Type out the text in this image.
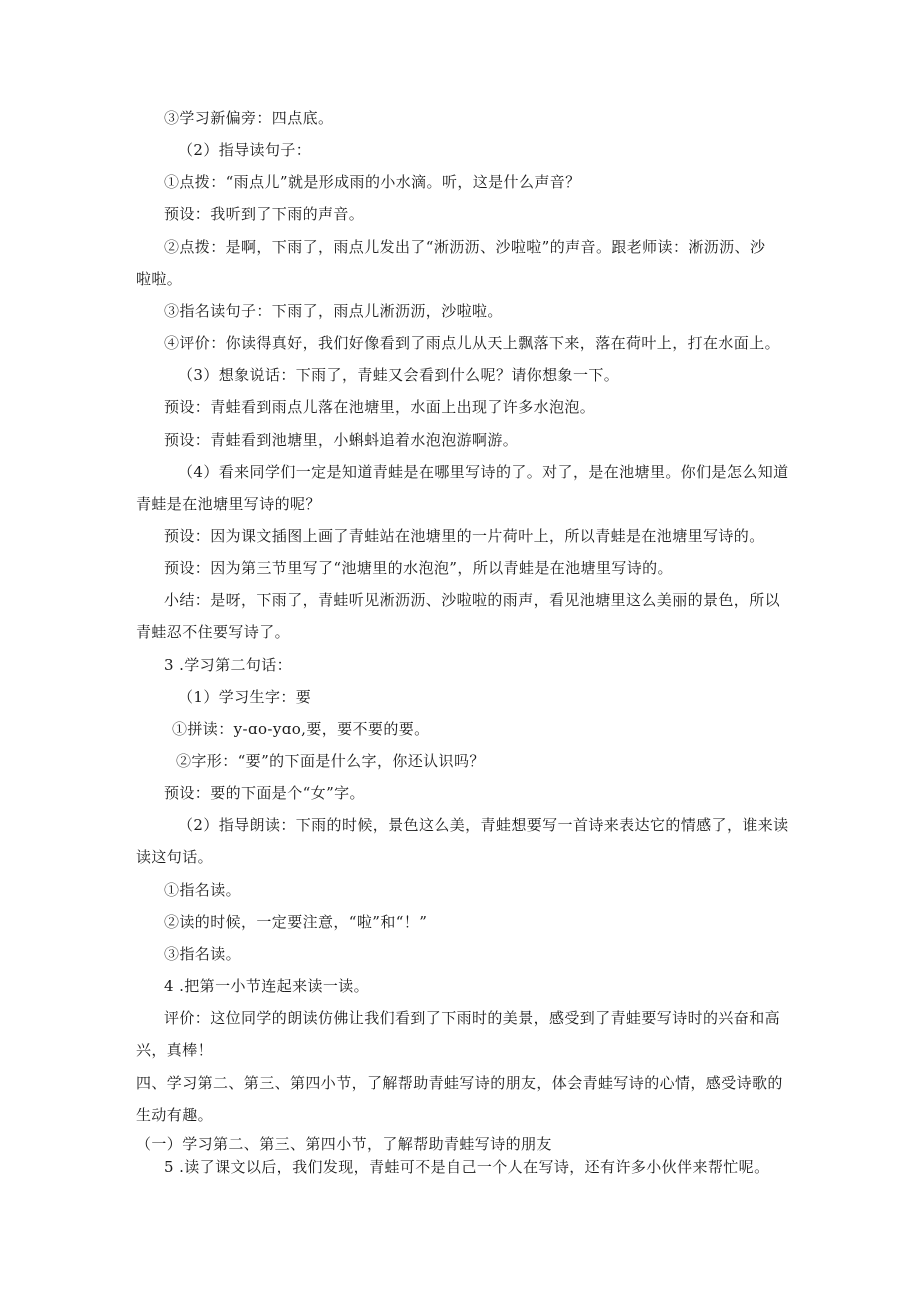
③学习新偏旁：四点底。
（2）指导读句子：
①点拨：“雨点儿”就是形成雨的小水滴。听，这是什么声音？
预设：我听到了下雨的声音。
②点拨：是啊，下雨了，雨点儿发出了“淅沥沥、沙啦啦”的声音。跟老师读：淅沥沥、沙
啦啦。
③指名读句子：下雨了，雨点儿淅沥沥，沙啦啦。
④评价：你读得真好，我们好像看到了雨点儿从天上飘落下来，落在荷叶上，打在水面上。
（3）想象说话：下雨了，青蛙又会看到什么呢？请你想象一下。
预设：青蛙看到雨点儿落在池塘里，水面上出现了许多水泡泡。
预设：青蛙看到池塘里，小蝌蚪追着水泡泡游啊游。
（4）看来同学们一定是知道青蛙是在哪里写诗的了。对了，是在池塘里。你们是怎么知道
青蛙是在池塘里写诗的呢？
预设：因为课文插图上画了青蛙站在池塘里的一片荷叶上，所以青蛙是在池塘里写诗的。
预设：因为第三节里写了“池塘里的水泡泡”，所以青蛙是在池塘里写诗的。
小结：是呀，下雨了，青蛙听见淅沥沥、沙啦啦的雨声，看见池塘里这么美丽的景色，所以
青蛙忍不住要写诗了。
3 .学习第二句话：
（1）学习生字：要
①拼读：y-ɑo-yɑo,要，要不要的要。
②字形：“要”的下面是什么字，你还认识吗？
预设：要的下面是个“女”字。
（2）指导朗读：下雨的时候，景色这么美，青蛙想要写一首诗来表达它的情感了，谁来读
读这句话。
①指名读。
②读的时候，一定要注意，“啦”和“！”
③指名读。
4 .把第一小节连起来读一读。
评价：这位同学的朗读仿佛让我们看到了下雨时的美景，感受到了青蛙要写诗时的兴奋和高
兴，真棒！
四、学习第二、第三、第四小节，了解帮助青蛙写诗的朋友，体会青蛙写诗的心情，感受诗歌的
生动有趣。
（一）学习第二、第三、第四小节，了解帮助青蛙写诗的朋友
5 .读了课文以后，我们发现，青蛙可不是自己一个人在写诗，还有许多小伙伴来帮忙呢。
